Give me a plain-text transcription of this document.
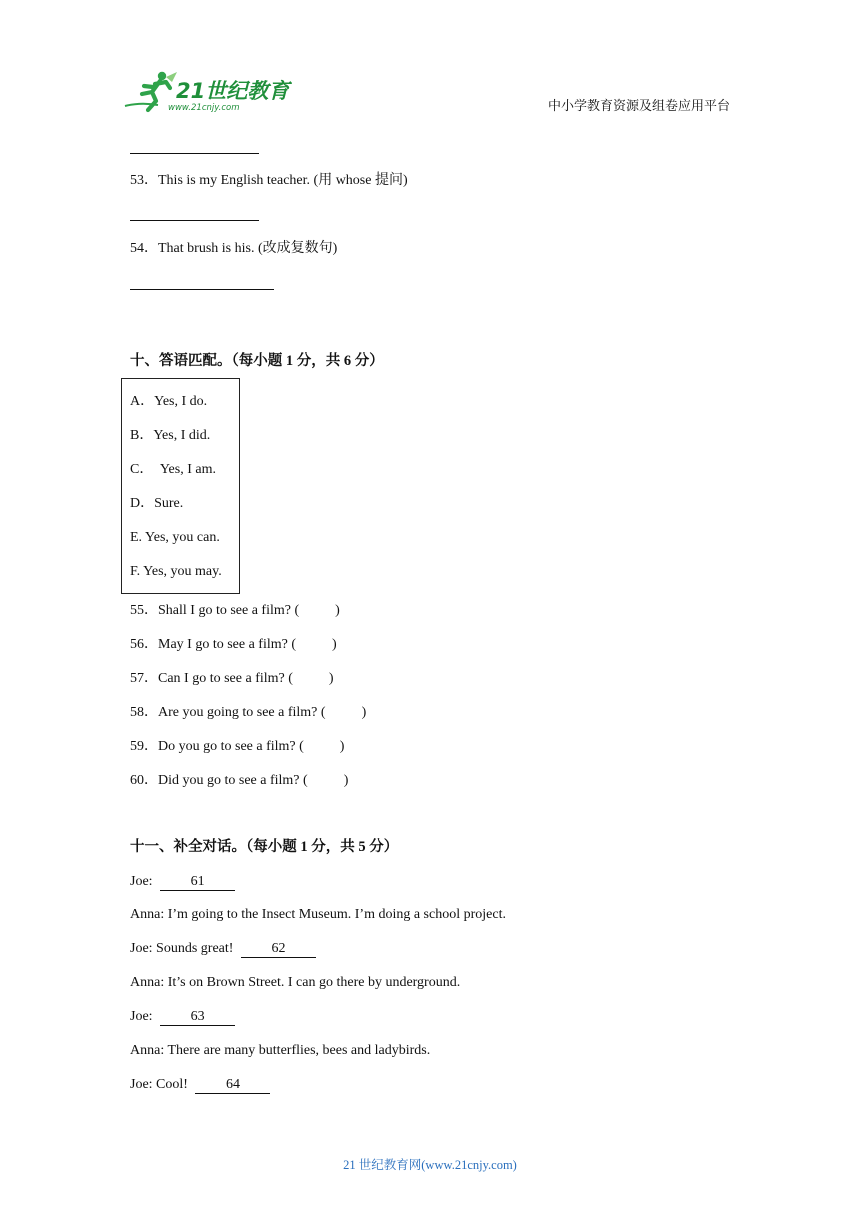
21世纪教育
www.21cnjy.com	中小学教育资源及组卷应用平台
53．This is my English teacher. (用 whose 提问)
54．That brush is his. (改成复数句)
十、答语匹配。（每小题 1 分，共 6 分）
A．Yes, I do.
B．Yes, I did.
C．  Yes, I am.
D．Sure.
E. Yes, you can.
F. Yes, you may.
55．Shall I go to see a film? (	)
56．May I go to see a film? (	)
57．Can I go to see a film? (	)
58．Are you going to see a film? (	)
59．Do you go to see a film? (	)
60．Did you go to see a film? (	)
十一、补全对话。（每小题 1 分，共 5 分）
Joe:	61
Anna: I’m going to the Insect Museum. I’m doing a school project.
Joe: Sounds great!	62
Anna: It’s on Brown Street. I can go there by underground.
Joe:	63
Anna: There are many butterflies, bees and ladybirds.
Joe: Cool!	64
21 世纪教育网(www.21cnjy.com)
